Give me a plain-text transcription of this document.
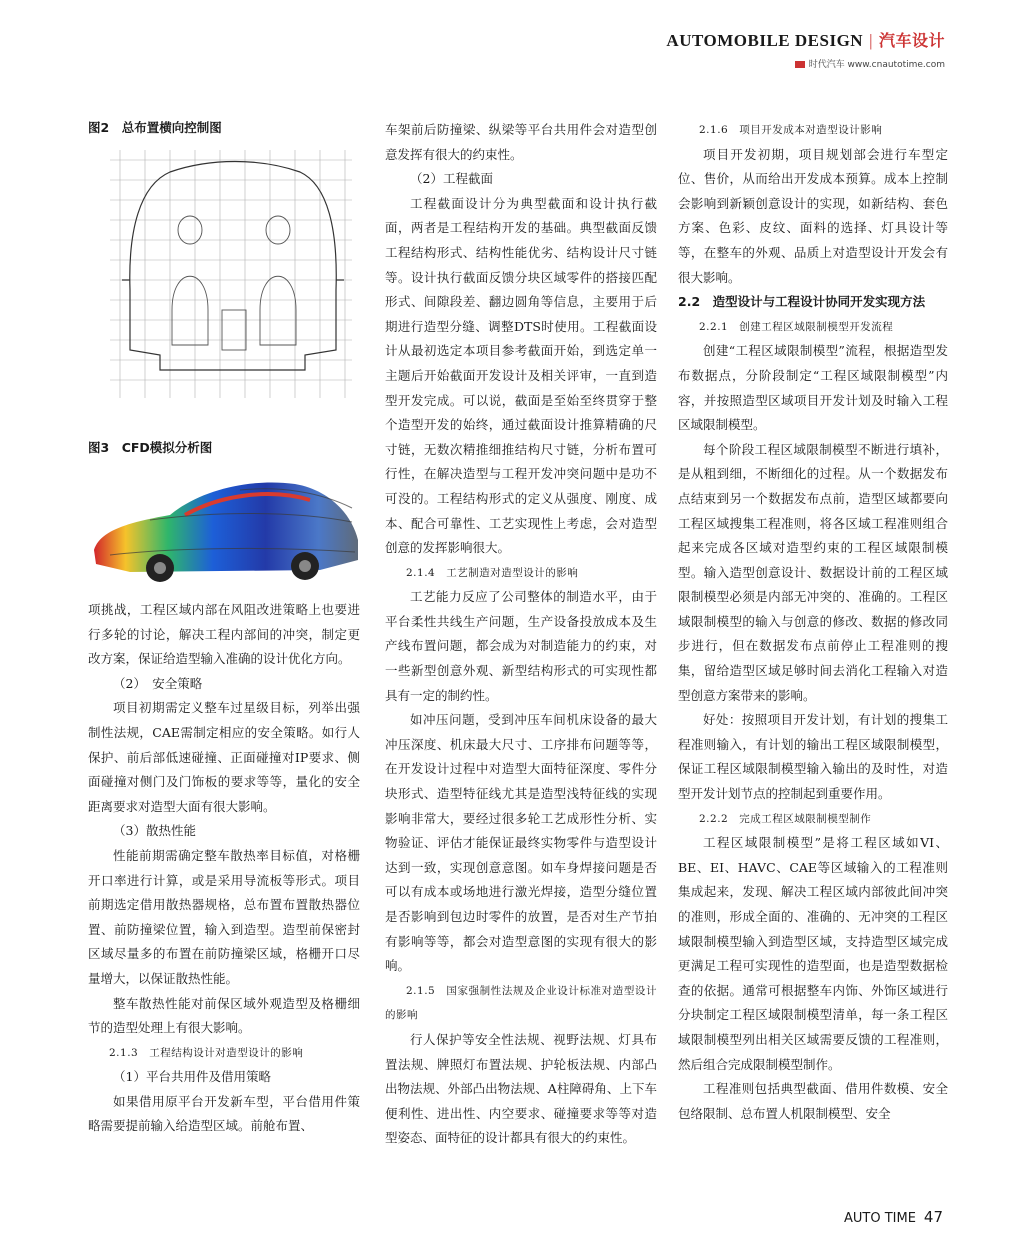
AUTOMOBILE DESIGN | 汽车设计
时代汽车 www.cnautotime.com

图2　总布置横向控制图

图3　CFD模拟分析图

项挑战，工程区域内部在风阻改进策略上也要进行多轮的讨论，解决工程内部间的冲突，制定更改方案，保证给造型输入准确的设计优化方向。

（2）　安全策略

项目初期需定义整车过星级目标，列举出强制性法规，CAE需制定相应的安全策略。如行人保护、前后部低速碰撞、正面碰撞对IP要求、侧面碰撞对侧门及门饰板的要求等等，量化的安全距离要求对造型大面有很大影响。

（3）散热性能

性能前期需确定整车散热率目标值，对格栅开口率进行计算，或是采用导流板等形式。项目前期选定借用散热器规格，总布置布置散热器位置、前防撞梁位置，输入到造型。造型前保密封区域尽量多的布置在前防撞梁区域，格栅开口尽量增大，以保证散热性能。

整车散热性能对前保区域外观造型及格栅细节的造型处理上有很大影响。

2.1.3　工程结构设计对造型设计的影响
（1）平台共用件及借用策略

如果借用原平台开发新车型，平台借用件策略需要提前输入给造型区域。前舱布置、

车架前后防撞梁、纵梁等平台共用件会对造型创意发挥有很大的约束性。

（2）工程截面

工程截面设计分为典型截面和设计执行截面，两者是工程结构开发的基础。典型截面反馈工程结构形式、结构性能优劣、结构设计尺寸链等。设计执行截面反馈分块区域零件的搭接匹配形式、间隙段差、翻边圆角等信息，主要用于后期进行造型分缝、调整DTS时使用。工程截面设计从最初选定本项目参考截面开始，到选定单一主题后开始截面开发设计及相关评审，一直到造型开发完成。可以说，截面是至始至终贯穿于整个造型开发的始终，通过截面设计推算精确的尺寸链，无数次精推细推结构尺寸链，分析布置可行性，在解决造型与工程开发冲突问题中是功不可没的。工程结构形式的定义从强度、刚度、成本、配合可靠性、工艺实现性上考虑，会对造型创意的发挥影响很大。

2.1.4　工艺制造对造型设计的影响

工艺能力反应了公司整体的制造水平，由于平台柔性共线生产问题，生产设备投放成本及生产线布置问题，都会成为对制造能力的约束，对一些新型创意外观、新型结构形式的可实现性都具有一定的制约性。

如冲压问题，受到冲压车间机床设备的最大冲压深度、机床最大尺寸、工序排布问题等等，在开发设计过程中对造型大面特征深度、零件分块形式、造型特征线尤其是造型浅特征线的实现影响非常大，要经过很多轮工艺成形性分析、实物验证、评估才能保证最终实物零件与造型设计达到一致，实现创意意图。如车身焊接问题是否可以有成本或场地进行激光焊接，造型分缝位置是否影响到包边时零件的放置，是否对生产节拍有影响等等，都会对造型意图的实现有很大的影响。

2.1.5　国家强制性法规及企业设计标准对造型设计的影响

行人保护等安全性法规、视野法规、灯具布置法规、牌照灯布置法规、护轮板法规、内部凸出物法规、外部凸出物法规、A柱障碍角、上下车便利性、进出性、内空要求、碰撞要求等等对造型姿态、面特征的设计都具有很大的约束性。

2.1.6　项目开发成本对造型设计影响

项目开发初期，项目规划部会进行车型定位、售价，从而给出开发成本预算。成本上控制会影响到新颖创意设计的实现，如新结构、套色方案、色彩、皮纹、面料的选择、灯具设计等等，在整车的外观、品质上对造型设计开发会有很大影响。

2.2　造型设计与工程设计协同开发实现方法
2.2.1　创建工程区域限制模型开发流程

创建“工程区域限制模型”流程，根据造型发布数据点，分阶段制定“工程区域限制模型”内容，并按照造型区域项目开发计划及时输入工程区域限制模型。

每个阶段工程区域限制模型不断进行填补，是从粗到细，不断细化的过程。从一个数据发布点结束到另一个数据发布点前，造型区域都要向工程区域搜集工程准则，将各区域工程准则组合起来完成各区域对造型约束的工程区域限制模型。输入造型创意设计、数据设计前的工程区域限制模型必须是内部无冲突的、准确的。工程区域限制模型的输入与创意的修改、数据的修改同步进行，但在数据发布点前停止工程准则的搜集，留给造型区域足够时间去消化工程输入对造型创意方案带来的影响。

好处：按照项目开发计划，有计划的搜集工程准则输入，有计划的输出工程区域限制模型，保证工程区域限制模型输入输出的及时性，对造型开发计划节点的控制起到重要作用。

2.2.2　完成工程区域限制模型制作

工程区域限制模型”是将工程区域如VI、BE、EI、HAVC、CAE等区域输入的工程准则集成起来，发现、解决工程区域内部彼此间冲突的准则，形成全面的、准确的、无冲突的工程区域限制模型输入到造型区域，支持造型区域完成更满足工程可实现性的造型面，也是造型数据检查的依据。通常可根据整车内饰、外饰区域进行分块制定工程区域限制模型清单，每一条工程区域限制模型列出相关区域需要反馈的工程准则，然后组合完成限制模型制作。

工程准则包括典型截面、借用件数模、安全包络限制、总布置人机限制模型、安全

AUTO TIME 47
